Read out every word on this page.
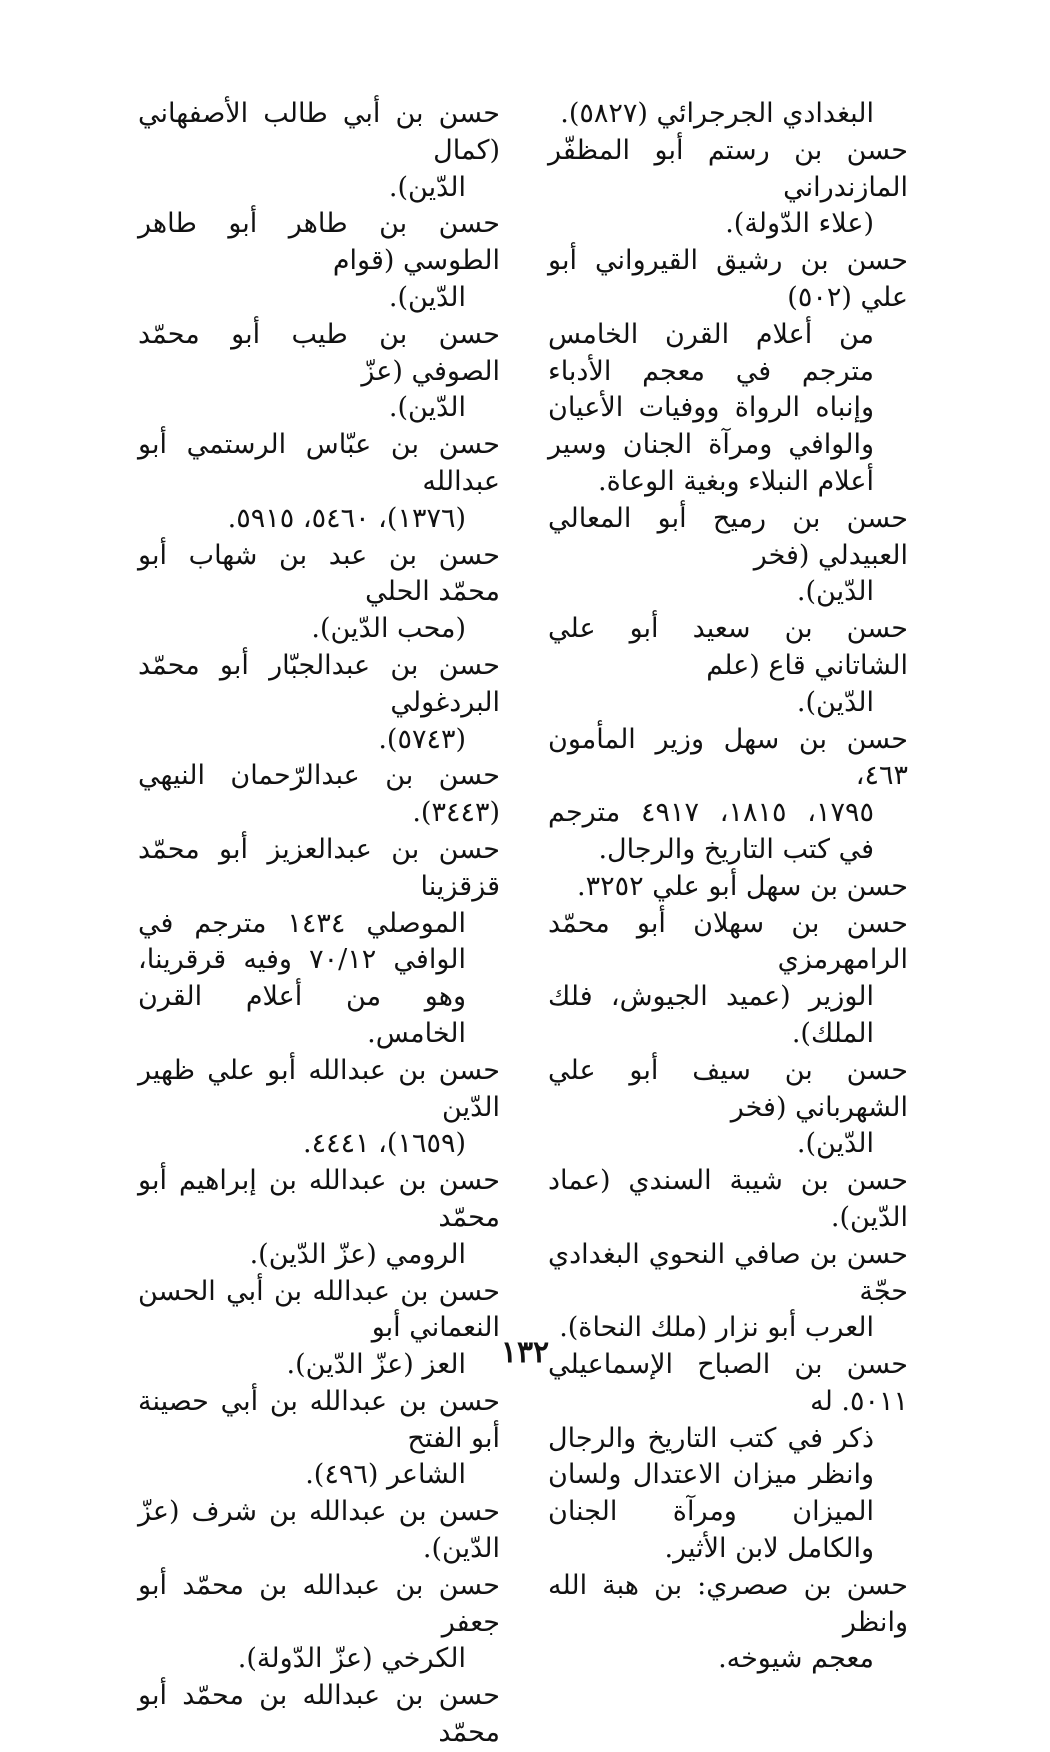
البغدادي الجرجرائي (٥٨٢٧).
حسن بن رستم أبو المظفّر المازندراني
(علاء الدّولة).
حسن بن رشيق القيرواني أبو علي (٥٠٢)
من أعلام القرن الخامس مترجم في معجم الأدباء وإنباه الرواة ووفيات الأعيان والوافي ومرآة الجنان وسير أعلام النبلاء وبغية الوعاة.
حسن بن رميح أبو المعالي العبيدلي (فخر
الدّين).
حسن بن سعيد أبو علي الشاتاني قاع (علم
الدّين).
حسن بن سهل وزير المأمون ٤٦٣،
١٧٩٥، ١٨١٥، ٤٩١٧ مترجم في كتب التاريخ والرجال.
حسن بن سهل أبو علي ٣٢٥٢.
حسن بن سهلان أبو محمّد الرامهرمزي
الوزير (عميد الجيوش، فلك الملك).
حسن بن سيف أبو علي الشهرباني (فخر
الدّين).
حسن بن شيبة السندي (عماد الدّين).
حسن بن صافي النحوي البغدادي حجّة
العرب أبو نزار (ملك النحاة).
حسن بن الصباح الإسماعيلي ٥٠١١. له
ذكر في كتب التاريخ والرجال وانظر ميزان الاعتدال ولسان الميزان ومرآة الجنان والكامل لابن الأثير.
حسن بن صصري: بن هبة الله وانظر
معجم شيوخه.
حسن بن أبي طالب الأصفهاني (كمال
الدّين).
حسن بن طاهر أبو طاهر الطوسي (قوام
الدّين).
حسن بن طيب أبو محمّد الصوفي (عزّ
الدّين).
حسن بن عبّاس الرستمي أبو عبدالله
(١٣٧٦)، ٥٤٦٠، ٥٩١٥.
حسن بن عبد بن شهاب أبو محمّد الحلي
(محب الدّين).
حسن بن عبدالجبّار أبو محمّد البردغولي
(٥٧٤٣).
حسن بن عبدالرّحمان النيهي (٣٤٤٣).
حسن بن عبدالعزيز أبو محمّد قزقزينا
الموصلي ١٤٣٤ مترجم في الوافي ٧٠/١٢ وفيه قرقرينا، وهو من أعلام القرن الخامس.
حسن بن عبدالله أبو علي ظهير الدّين
(١٦٥٩)، ٤٤٤١.
حسن بن عبدالله بن إبراهيم أبو محمّد
الرومي (عزّ الدّين).
حسن بن عبدالله بن أبي الحسن النعماني أبو
العز (عزّ الدّين).
حسن بن عبدالله بن أبي حصينة أبو الفتح
الشاعر (٤٩٦).
حسن بن عبدالله بن شرف (عزّ الدّين).
حسن بن عبدالله بن محمّد أبو جعفر
الكرخي (عزّ الدّولة).
حسن بن عبدالله بن محمّد أبو محمّد
١٣٢
